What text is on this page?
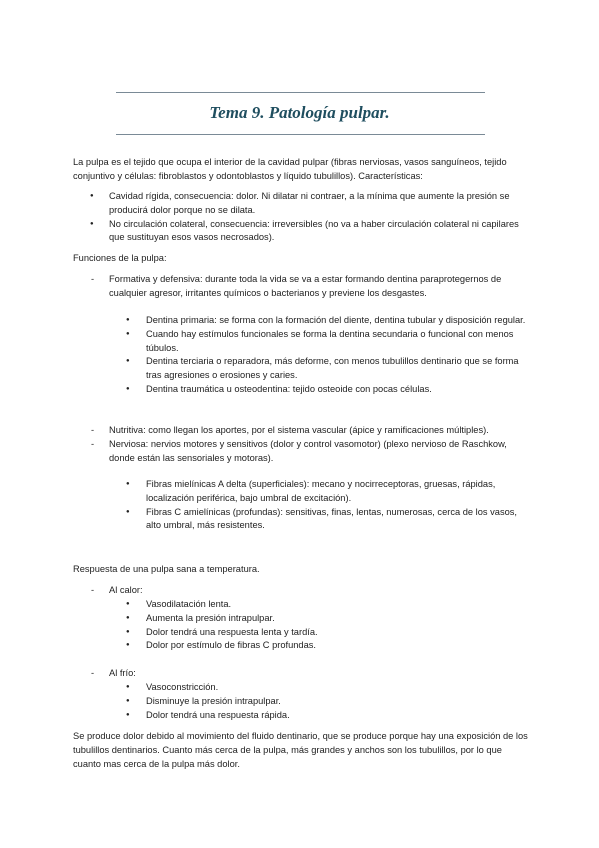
Tema 9. Patología pulpar.

La pulpa es el tejido que ocupa el interior de la cavidad pulpar (fibras nerviosas, vasos sanguíneos, tejido conjuntivo y células: fibroblastos y odontoblastos y líquido tubulillos). Características:

● Cavidad rígida, consecuencia: dolor. Ni dilatar ni contraer, a la mínima que aumente la presión se producirá dolor porque no se dilata.
● No circulación colateral, consecuencia: irreversibles (no va a haber circulación colateral ni capilares que sustituyan esos vasos necrosados).

Funciones de la pulpa:

- Formativa y defensiva: durante toda la vida se va a estar formando dentina paraprotegernos de cualquier agresor, irritantes químicos o bacterianos y previene los desgastes.
● Dentina primaria: se forma con la formación del diente, dentina tubular y disposición regular.
● Cuando hay estímulos funcionales se forma la dentina secundaria o funcional con menos túbulos.
● Dentina terciaria o reparadora, más deforme, con menos tubulillos dentinario que se forma tras agresiones o erosiones y caries.
● Dentina traumática u osteodentina: tejido osteoide con pocas células.
- Nutritiva: como llegan los aportes, por el sistema vascular (ápice y ramificaciones múltiples).
- Nerviosa: nervios motores y sensitivos (dolor y control vasomotor) (plexo nervioso de Raschkow, donde están las sensoriales y motoras).
● Fibras mielínicas A delta (superficiales): mecano y nocirreceptoras, gruesas, rápidas, localización periférica, bajo umbral de excitación).
● Fibras C amielínicas (profundas): sensitivas, finas, lentas, numerosas, cerca de los vasos, alto umbral, más resistentes.

Respuesta de una pulpa sana a temperatura.

- Al calor:
● Vasodilatación lenta.
● Aumenta la presión intrapulpar.
● Dolor tendrá una respuesta lenta y tardía.
● Dolor por estímulo de fibras C profundas.
- Al frío:
● Vasoconstricción.
● Disminuye la presión intrapulpar.
● Dolor tendrá una respuesta rápida.

Se produce dolor debido al movimiento del fluido dentinario, que se produce porque hay una exposición de los tubulillos dentinarios. Cuanto más cerca de la pulpa, más grandes y anchos son los tubulillos, por lo que cuanto mas cerca de la pulpa más dolor.
